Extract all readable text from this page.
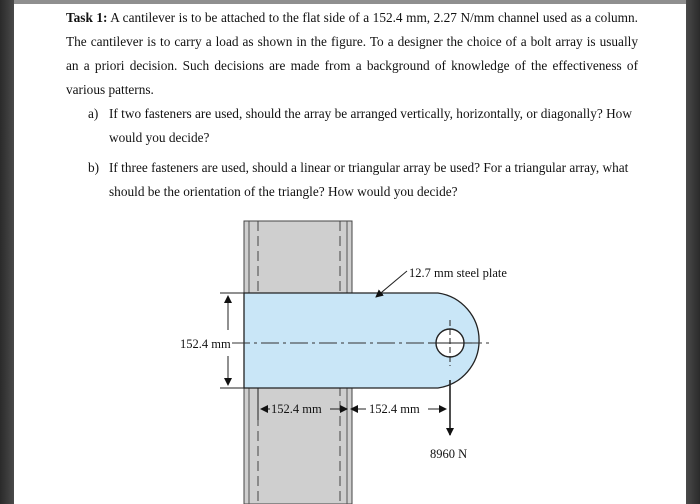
Task 1: A cantilever is to be attached to the flat side of a 152.4 mm, 2.27 N/mm channel used as a column. The cantilever is to carry a load as shown in the figure. To a designer the choice of a bolt array is usually an a priori decision. Such decisions are made from a background of knowledge of the effectiveness of various patterns.
a) If two fasteners are used, should the array be arranged vertically, horizontally, or diagonally? How would you decide?
b) If three fasteners are used, should a linear or triangular array be used? For a triangular array, what should be the orientation of the triangle? How would you decide?
12.7 mm steel plate
152.4 mm
152.4 mm	152.4 mm
8960 N
